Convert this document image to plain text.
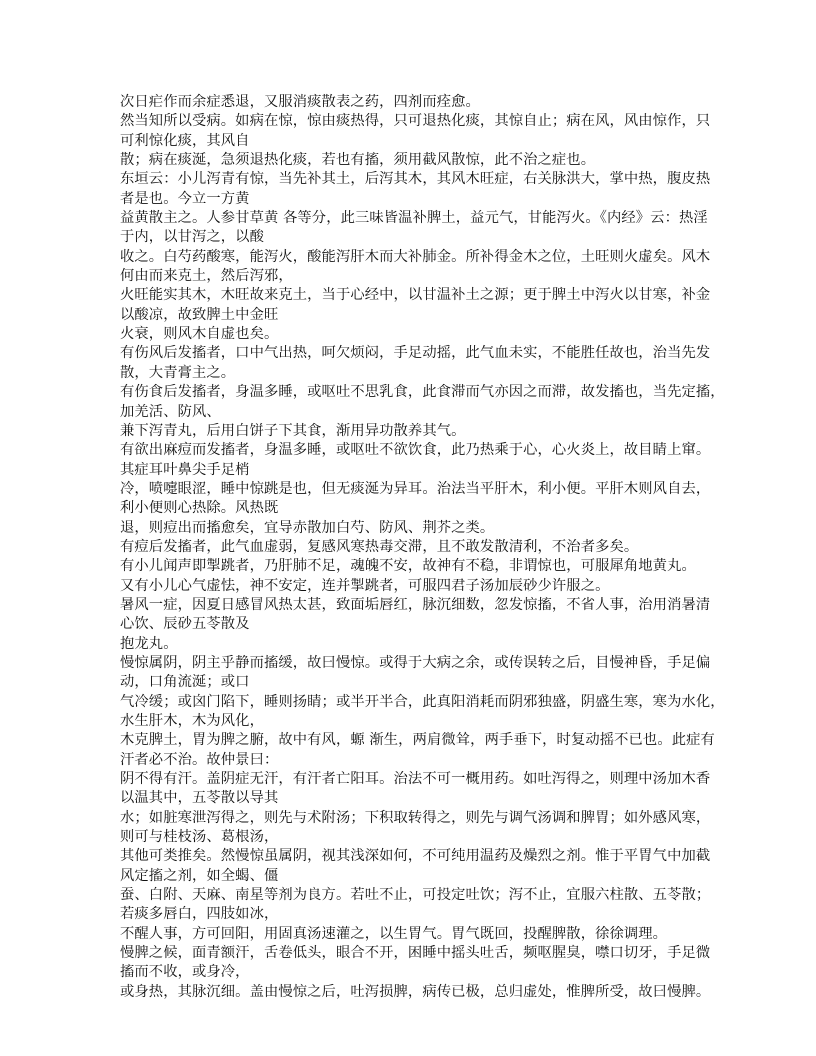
次日疟作而余症悉退，又服消痰散表之药，四剂而痊愈。
然当知所以受病。如病在惊，惊由痰热得，只可退热化痰，其惊自止；病在风，风由惊作，只
可利惊化痰，其风自
散；病在痰涎，急须退热化痰，若也有搐，须用截风散惊，此不治之症也。
东垣云：小儿泻青有惊，当先补其土，后泻其木，其风木旺症，右关脉洪大，掌中热，腹皮热
者是也。今立一方黄
益黄散主之。人参甘草黄 各等分，此三味皆温补脾土，益元气，甘能泻火。《内经》云：热淫
于内，以甘泻之，以酸
收之。白芍药酸寒，能泻火，酸能泻肝木而大补肺金。所补得金木之位，土旺则火虚矣。风木
何由而来克土，然后泻邪，
火旺能实其木，木旺故来克土，当于心经中，以甘温补土之源；更于脾土中泻火以甘寒，补金
以酸凉，故致脾土中金旺
火衰，则风木自虚也矣。
有伤风后发搐者，口中气出热，呵欠烦闷，手足动摇，此气血未实，不能胜任故也，治当先发
散，大青膏主之。
有伤食后发搐者，身温多睡，或呕吐不思乳食，此食滞而气亦因之而滞，故发搐也，当先定搐，
加羌活、防风、
兼下泻青丸，后用白饼子下其食，渐用异功散养其气。
有欲出麻痘而发搐者，身温多睡，或呕吐不欲饮食，此乃热乘于心，心火炎上，故目睛上窜。
其症耳叶鼻尖手足梢
冷，喷嚏眼涩，睡中惊跳是也，但无痰涎为异耳。治法当平肝木，利小便。平肝木则风自去，
利小便则心热除。风热既
退，则痘出而搐愈矣，宜导赤散加白芍、防风、荆芥之类。
有痘后发搐者，此气血虚弱，复感风寒热毒交滞，且不敢发散清利，不治者多矣。
有小儿闻声即掣跳者，乃肝肺不足，魂魄不安，故神有不稳，非谓惊也，可服犀角地黄丸。
又有小儿心气虚怯，神不安定，连并掣跳者，可服四君子汤加辰砂少许服之。
暑风一症，因夏日感冒风热太甚，致面垢唇红，脉沉细数，忽发惊搐，不省人事，治用消暑清
心饮、辰砂五苓散及
抱龙丸。
慢惊属阴，阴主乎静而搐缓，故曰慢惊。或得于大病之余，或传误转之后，目慢神昏，手足偏
动，口角流涎；或口
气冷缓；或囟门陷下，睡则扬睛；或半开半合，此真阳消耗而阴邪独盛，阴盛生寒，寒为水化，
水生肝木，木为风化，
木克脾土，胃为脾之腑，故中有风，螈 渐生，两肩微耸，两手垂下，时复动摇不已也。此症有
汗者必不治。故仲景曰：
阴不得有汗。盖阴症无汗，有汗者亡阳耳。治法不可一概用药。如吐泻得之，则理中汤加木香
以温其中，五苓散以导其
水；如脏寒泄泻得之，则先与术附汤；下积取转得之，则先与调气汤调和脾胃；如外感风寒，
则可与桂枝汤、葛根汤，
其他可类推矣。然慢惊虽属阴，视其浅深如何，不可纯用温药及燥烈之剂。惟于平胃气中加截
风定搐之剂，如全蝎、僵
蚕、白附、天麻、南星等剂为良方。若吐不止，可投定吐饮；泻不止，宜服六柱散、五苓散；
若痰多唇白，四肢如冰，
不醒人事，方可回阳，用固真汤速灌之，以生胃气。胃气既回，投醒脾散，徐徐调理。
慢脾之候，面青额汗，舌卷低头，眼合不开，困睡中摇头吐舌，频呕腥臭，噤口切牙，手足微
搐而不收，或身冷，
或身热，其脉沉细。盖由慢惊之后，吐泻损脾，病传已极，总归虚处，惟脾所受，故曰慢脾。
